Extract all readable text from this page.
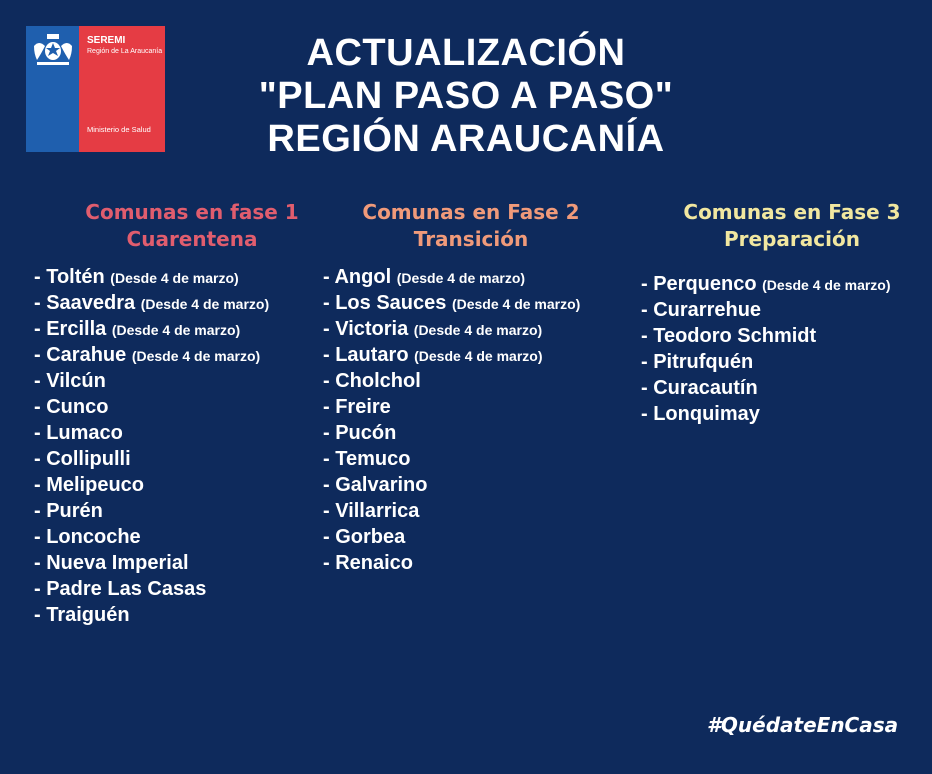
SEREMI
Región de La Araucanía
Ministerio de Salud
ACTUALIZACIÓN
"PLAN PASO A PASO"
REGIÓN ARAUCANÍA
Comunas en fase 1
Cuarentena
Comunas en Fase 2
Transición
Comunas en Fase 3
Preparación
- Toltén (Desde 4 de marzo)
- Saavedra (Desde 4 de marzo)
- Ercilla (Desde 4 de marzo)
- Carahue (Desde 4 de marzo)
- Vilcún
- Cunco
- Lumaco
- Collipulli
- Melipeuco
- Purén
- Loncoche
- Nueva Imperial
- Padre Las Casas
- Traiguén
- Angol (Desde 4 de marzo)
- Los Sauces (Desde 4 de marzo)
- Victoria (Desde 4 de marzo)
- Lautaro (Desde 4 de marzo)
- Cholchol
- Freire
- Pucón
- Temuco
- Galvarino
- Villarrica
- Gorbea
- Renaico
- Perquenco (Desde 4 de marzo)
- Curarrehue
- Teodoro Schmidt
- Pitrufquén
- Curacautín
- Lonquimay
#QuédateEnCasa
